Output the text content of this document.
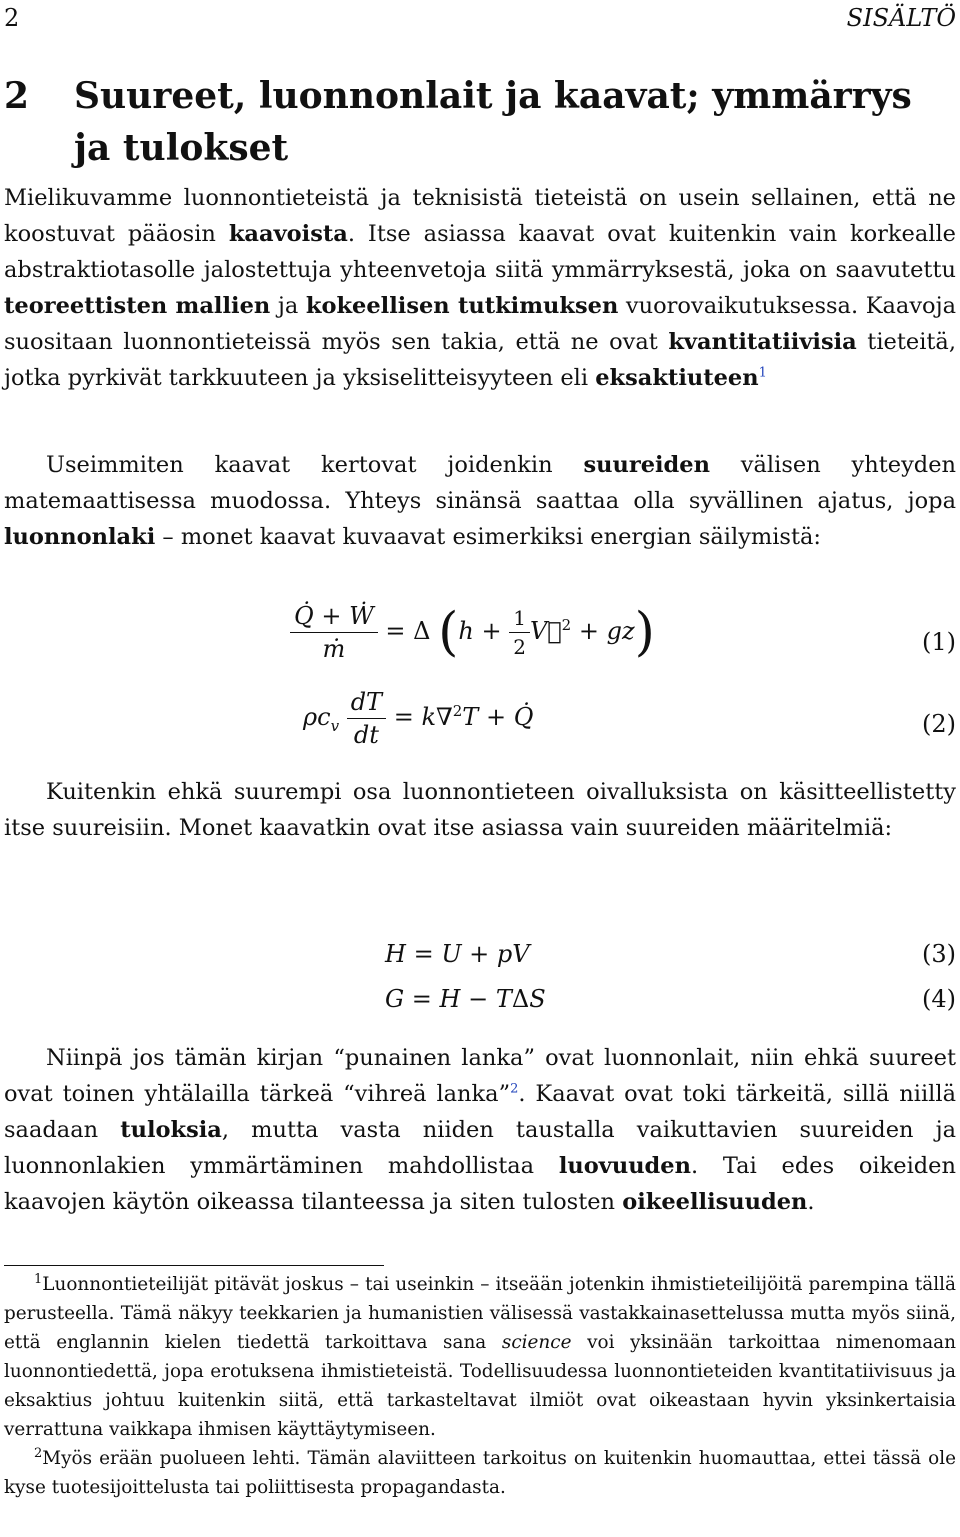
2	SISÄLTÖ
2 Suureet, luonnonlait ja kaavat; ymmärrys
ja tulokset

Mielikuvamme luonnontieteistä ja teknisistä tieteistä on usein sellainen, että ne koostuvat pääosin kaavoista. Itse asiassa kaavat ovat kuitenkin vain korkealle abstraktiotasolle jalostettuja yhteenvetoja siitä ymmärryksestä, joka on saavutettu teoreettisten mallien ja kokeellisen tutkimuksen vuorovaikutuksessa. Kaavoja suositaan luonnontieteissä myös sen takia, että ne ovat kvantitatiivisia tieteitä, jotka pyrkivät tarkkuuteen ja yksiselitteisyyteen eli eksaktiuteen$^1$

Useimmiten kaavat kertovat joidenkin suureiden välisen yhteyden matemaattisessa muodossa. Yhteys sinänsä saattaa olla syvällinen ajatus, jopa luonnonlaki – monet kaavat kuvaavat esimerkiksi energian säilymistä:

$\frac{\text{Q̇ + Ẇ}}{\text{ṁ}} = \Delta$ ($h + \frac{1}{2}$ V⃗$^2$ + gz)	(1)
$\rho c_v \frac{dT}{dt} = k\nabla^2T$ + Q̇	(2)

Kuitenkin ehkä suurempi osa luonnontieteen oivalluksista on käsitteellistetty itse suureisiin. Monet kaavatkin ovat itse asiassa vain suureiden määritelmiä:

H = U + pV	(3)
G = H − TΔS	(4)

Niinpä jos tämän kirjan “punainen lanka” ovat luonnonlait, niin ehkä suureet ovat toinen yhtälailla tärkeä “vihreä lanka”$^2$. Kaavat ovat toki tärkeitä, sillä niillä saadaan tuloksia, mutta vasta niiden taustalla vaikuttavien suureiden ja luonnonlakien ymmärtäminen mahdollistaa luovuuden. Tai edes oikeiden kaavojen käytön oikeassa tilanteessa ja siten tulosten oikeellisuuden.

$^1$Luonnontieteilijät pitävät joskus – tai useinkin – itseään jotenkin ihmistieteilijöitä parempina tällä perusteella. Tämä näkyy teekkarien ja humanistien välisessä vastakkainasettelussa mutta myös siinä, että englannin kielen tiedettä tarkoittava sana science voi yksinään tarkoittaa nimenomaan luonnontiedettä, jopa erotuksena ihmistieteistä. Todellisuudessa luonnontieteiden kvantitatiivisuus ja eksaktius johtuu kuitenkin siitä, että tarkasteltavat ilmiöt ovat oikeastaan hyvin yksinkertaisia verrattuna vaikkapa ihmisen käyttäytymiseen.

$^2$Myös erään puolueen lehti. Tämän alaviitteen tarkoitus on kuitenkin huomauttaa, ettei tässä ole kyse tuotesijoittelusta tai poliittisesta propagandasta.
